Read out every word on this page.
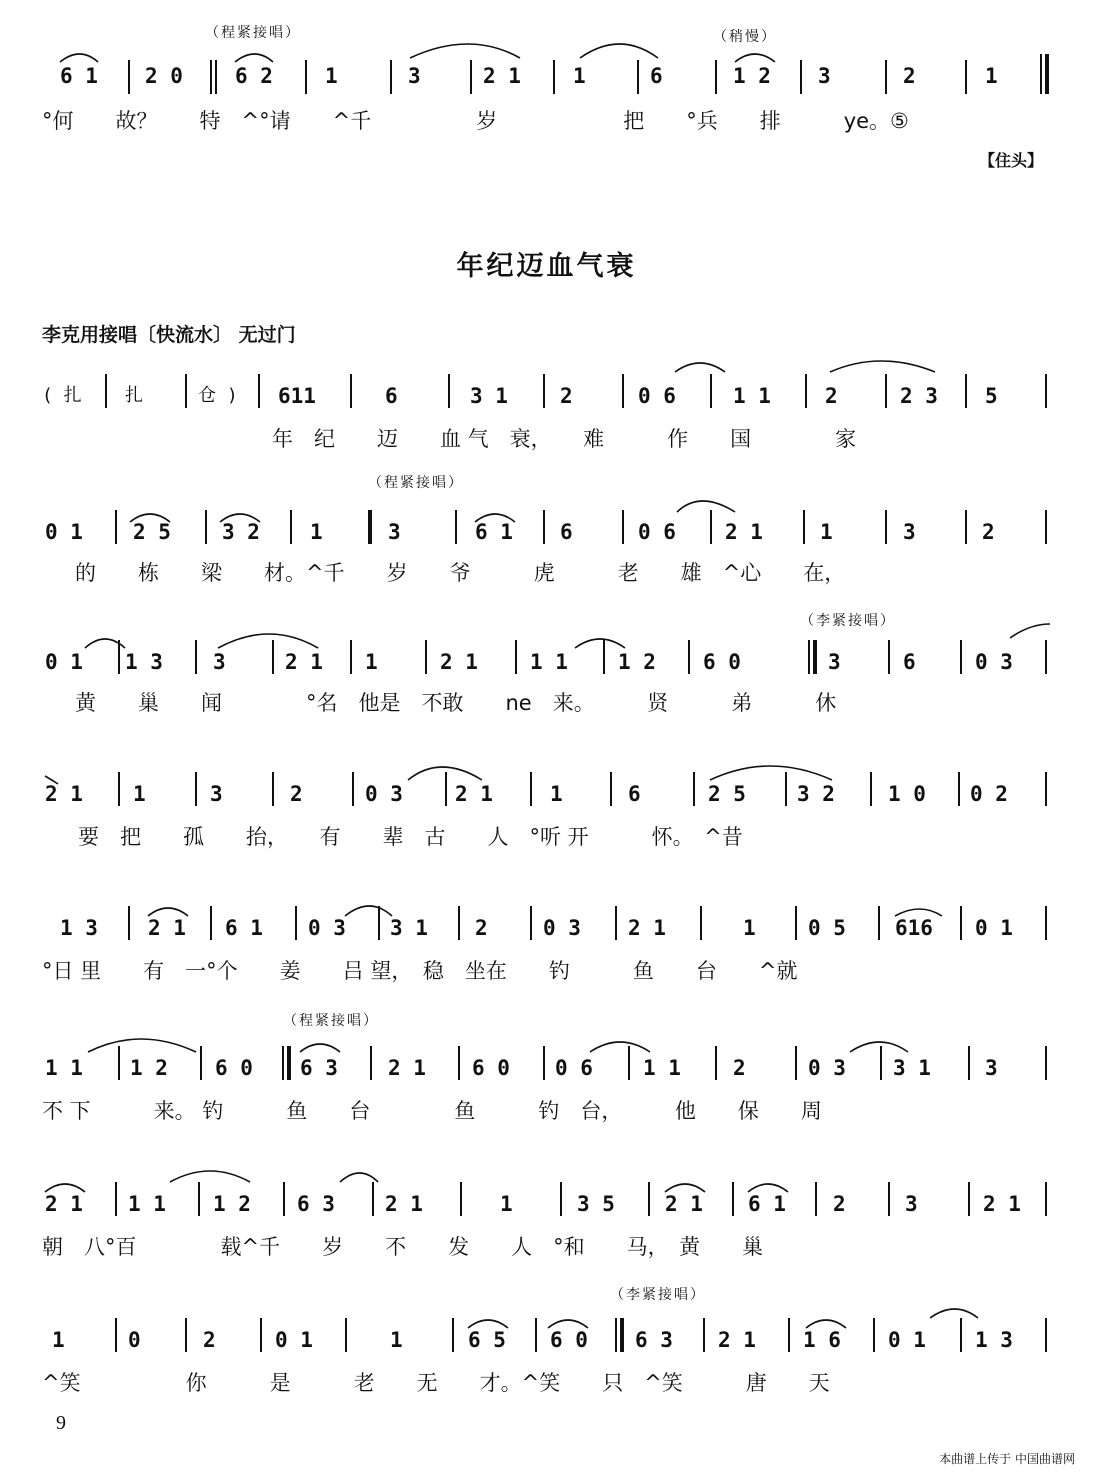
（程紧接唱）	（稍慢）
6 1 2 0 6 2 1	3	2 1 1	6	1 2 3	2	1
°何　　故？　　特　^°请　　^千　　　　　岁　　　　　　把　　°兵　　排　　　ye。⑤
【住头】
年纪迈血气衰
李克用接唱〔快流水〕 无过门
( 扎 扎	仓 ) 611	6	3 1 2	0 6	1 1	2	2 3 5
年　纪　　迈　　血 气　衰，　　难　　　作　　国　　　　家
（程紧接唱）
0 1 2 5 3 2 1	3	6 1 6	0 6 2 1	1	3	2
的　　栋　　梁　　材。^千　　岁　　爷　　　虎　　　老　　雄　^心　　在，
（李紧接唱）
0 1 1 3 3	2 1 1	2 1 1 1 1 2 6 0	3	6	0 3
黄　　巢　　闻　　　　°名　他是　不敢　　ne　来。　　　贤　　　弟　　　休
2 1 1	3	2	0 3 2 1	1	6	2 5 3 2	1 0 0 2
要　把　　孤　　抬，　　有　　辈　古　　人　°听 开　　　怀。　^昔
1 3 2 1 6 1 0 3 3 1 2	0 3 2 1	1 0 5 616 0 1
°日 里　　有　一°个　　姜　　吕 望，　稳　坐在　　钓　　　鱼　　台　　^就
（程紧接唱）
1 1 1 2 6 0 6 3 2 1 6 0 0 6 1 1 2	0 3 3 1	3
不 下　　　来。 钓　　　鱼　　台　　　　鱼　　　钓　台，　　　他　　保　　周
2 1 1 1 1 2 6 3 2 1	1	3 5 2 1 6 1 2	3	2 1
朝　八°百　　　　载^千　　岁　　不　　发　　人　°和　　马，　黄　　巢
（李紧接唱）
1	0	2	0 1	1	6 5 6 0 6 3 2 1 1 6 0 1 1 3
^笑　　　　　你　　　是　　　老　　无　　才。^笑　　只　^笑　　　唐　　天
9
本曲谱上传于 中国曲谱网
